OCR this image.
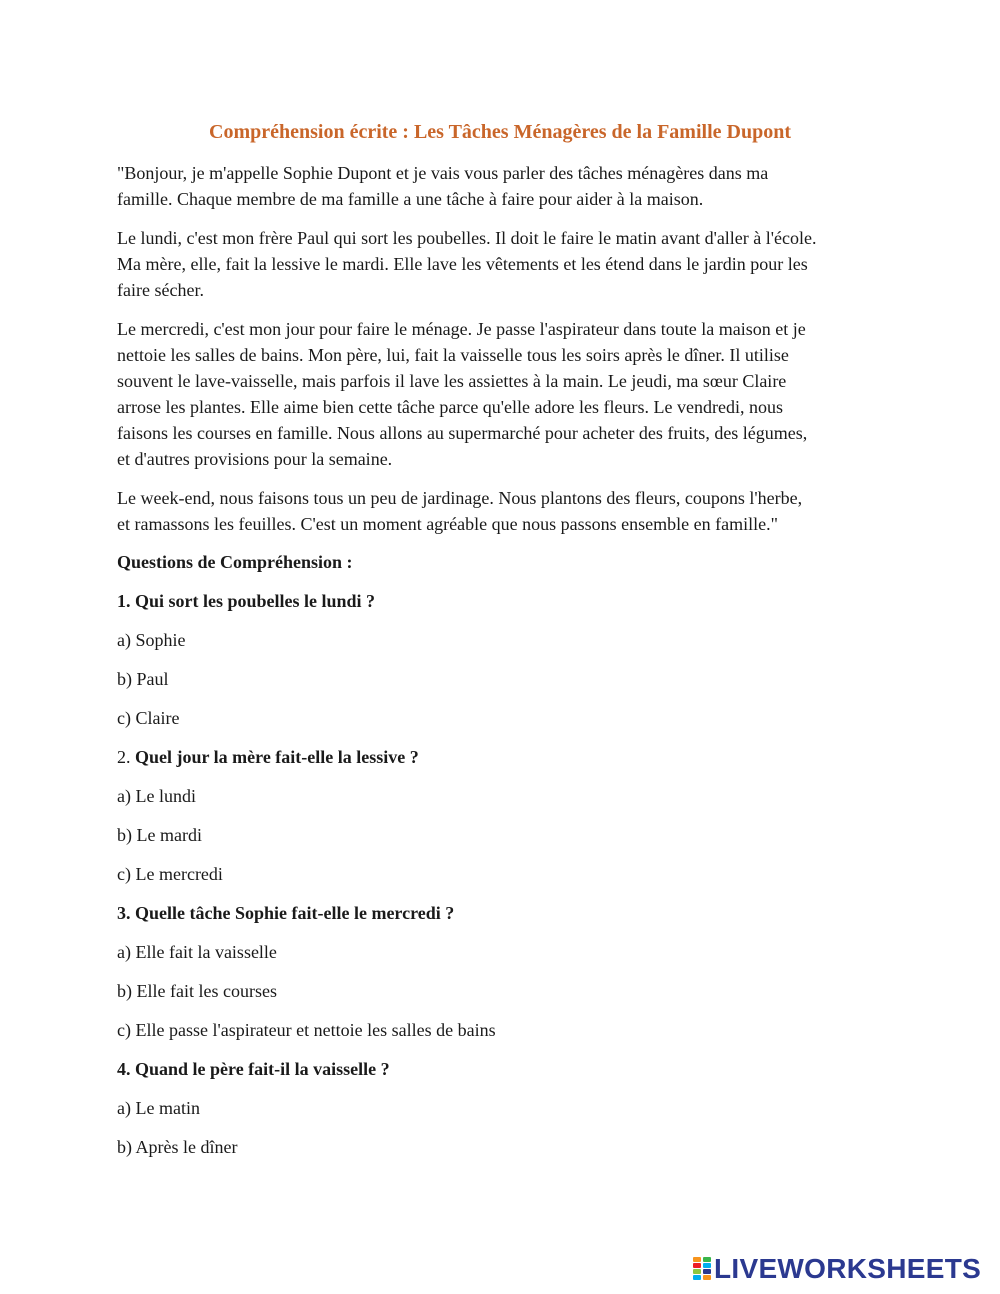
Compréhension écrite : Les Tâches Ménagères de la Famille Dupont

"Bonjour, je m'appelle Sophie Dupont et je vais vous parler des tâches ménagères dans ma
famille. Chaque membre de ma famille a une tâche à faire pour aider à la maison.

Le lundi, c'est mon frère Paul qui sort les poubelles. Il doit le faire le matin avant d'aller à l'école.
Ma mère, elle, fait la lessive le mardi. Elle lave les vêtements et les étend dans le jardin pour les
faire sécher.

Le mercredi, c'est mon jour pour faire le ménage. Je passe l'aspirateur dans toute la maison et je
nettoie les salles de bains. Mon père, lui, fait la vaisselle tous les soirs après le dîner. Il utilise
souvent le lave-vaisselle, mais parfois il lave les assiettes à la main. Le jeudi, ma sœur Claire
arrose les plantes. Elle aime bien cette tâche parce qu'elle adore les fleurs. Le vendredi, nous
faisons les courses en famille. Nous allons au supermarché pour acheter des fruits, des légumes,
et d'autres provisions pour la semaine.

Le week-end, nous faisons tous un peu de jardinage. Nous plantons des fleurs, coupons l'herbe,
et ramassons les feuilles. C'est un moment agréable que nous passons ensemble en famille."

Questions de Compréhension :

1. Qui sort les poubelles le lundi ?

a) Sophie

b) Paul

c) Claire

2. Quel jour la mère fait-elle la lessive ?

a) Le lundi

b) Le mardi

c) Le mercredi

3. Quelle tâche Sophie fait-elle le mercredi ?

a) Elle fait la vaisselle

b) Elle fait les courses

c) Elle passe l'aspirateur et nettoie les salles de bains

4. Quand le père fait-il la vaisselle ?

a) Le matin

b) Après le dîner

LIVEWORKSHEETS
